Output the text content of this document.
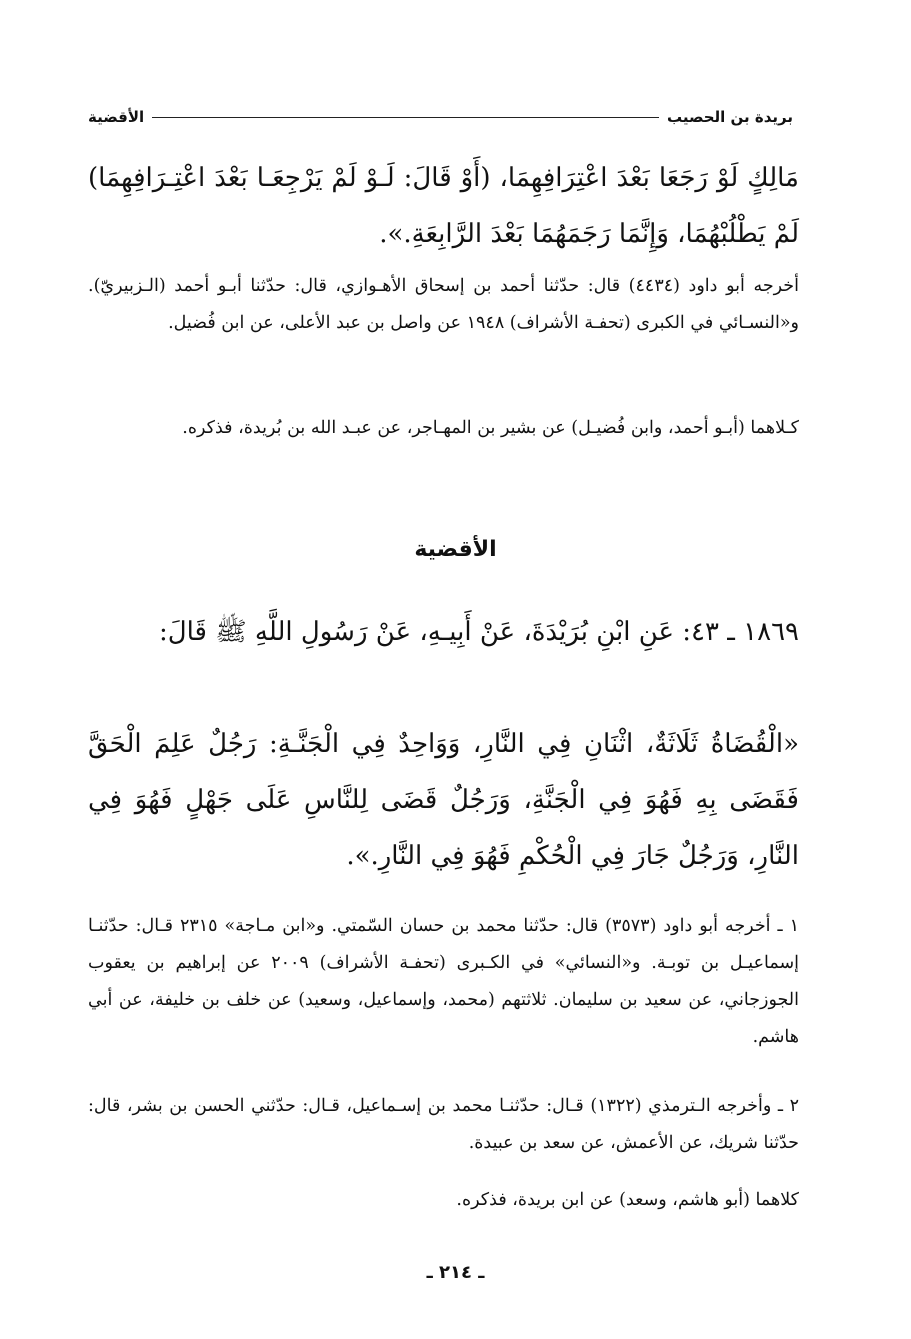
الأقضية	بريدة بن الحصيب
مَالِكٍ لَوْ رَجَعَا بَعْدَ اعْتِرَافِهِمَا، (أَوْ قَالَ: لَـوْ لَمْ يَرْجِعَـا بَعْدَ اعْتِـرَافِهِمَا) لَمْ يَطْلُبْهُمَا، وَإِنَّمَا رَجَمَهُمَا بَعْدَ الرَّابِعَةِ.».
أخرجه أبو داود (٤٤٣٤) قال: حدّثنا أحمد بن إسحاق الأهـوازي، قال: حدّثنا أبـو أحمد (الـزبيريّ). و«النسـائي في الكبرى (تحفـة الأشراف) ١٩٤٨ عن واصل بن عبد الأعلى، عن ابن فُضيل.
كـلاهما (أبـو أحمد، وابن فُضيـل) عن بشير بن المهـاجر، عن عبـد الله بن بُريدة، فذكره.
الأقضية
١٨٦٩ ـ ٤٣: عَنِ ابْنِ بُرَيْدَةَ، عَنْ أَبِيـهِ، عَنْ رَسُولِ اللَّهِ ﷺ قَالَ:
«الْقُضَاةُ ثَلَاثَةٌ، اثْنَانِ فِي النَّارِ، وَوَاحِدٌ فِي الْجَنَّـةِ: رَجُلٌ عَلِمَ الْحَقَّ فَقَضَى بِهِ فَهُوَ فِي الْجَنَّةِ، وَرَجُلٌ قَضَى لِلنَّاسِ عَلَى جَهْلٍ فَهُوَ فِي النَّارِ، وَرَجُلٌ جَارَ فِي الْحُكْمِ فَهُوَ فِي النَّارِ.».
١ ـ أخرجه أبو داود (٣٥٧٣) قال: حدّثنا محمد بن حسان السّمتي. و«ابن مـاجة» ٢٣١٥ قـال: حدّثنـا إسماعيـل بن توبـة. و«النسائي» في الكـبرى (تحفـة الأشراف) ٢٠٠٩ عن إبراهيم بن يعقوب الجوزجاني، عن سعيد بن سليمان. ثلاثتهم (محمد، وإسماعيل، وسعيد) عن خلف بن خليفة، عن أبي هاشم.
٢ ـ وأخرجه الـترمذي (١٣٢٢) قـال: حدّثنـا محمد بن إسـماعيل، قـال: حدّثني الحسن بن بشر، قال: حدّثنا شريك، عن الأعمش، عن سعد بن عبيدة.
كلاهما (أبو هاشم، وسعد) عن ابن بريدة، فذكره.
ـ ٢١٤ ـ
